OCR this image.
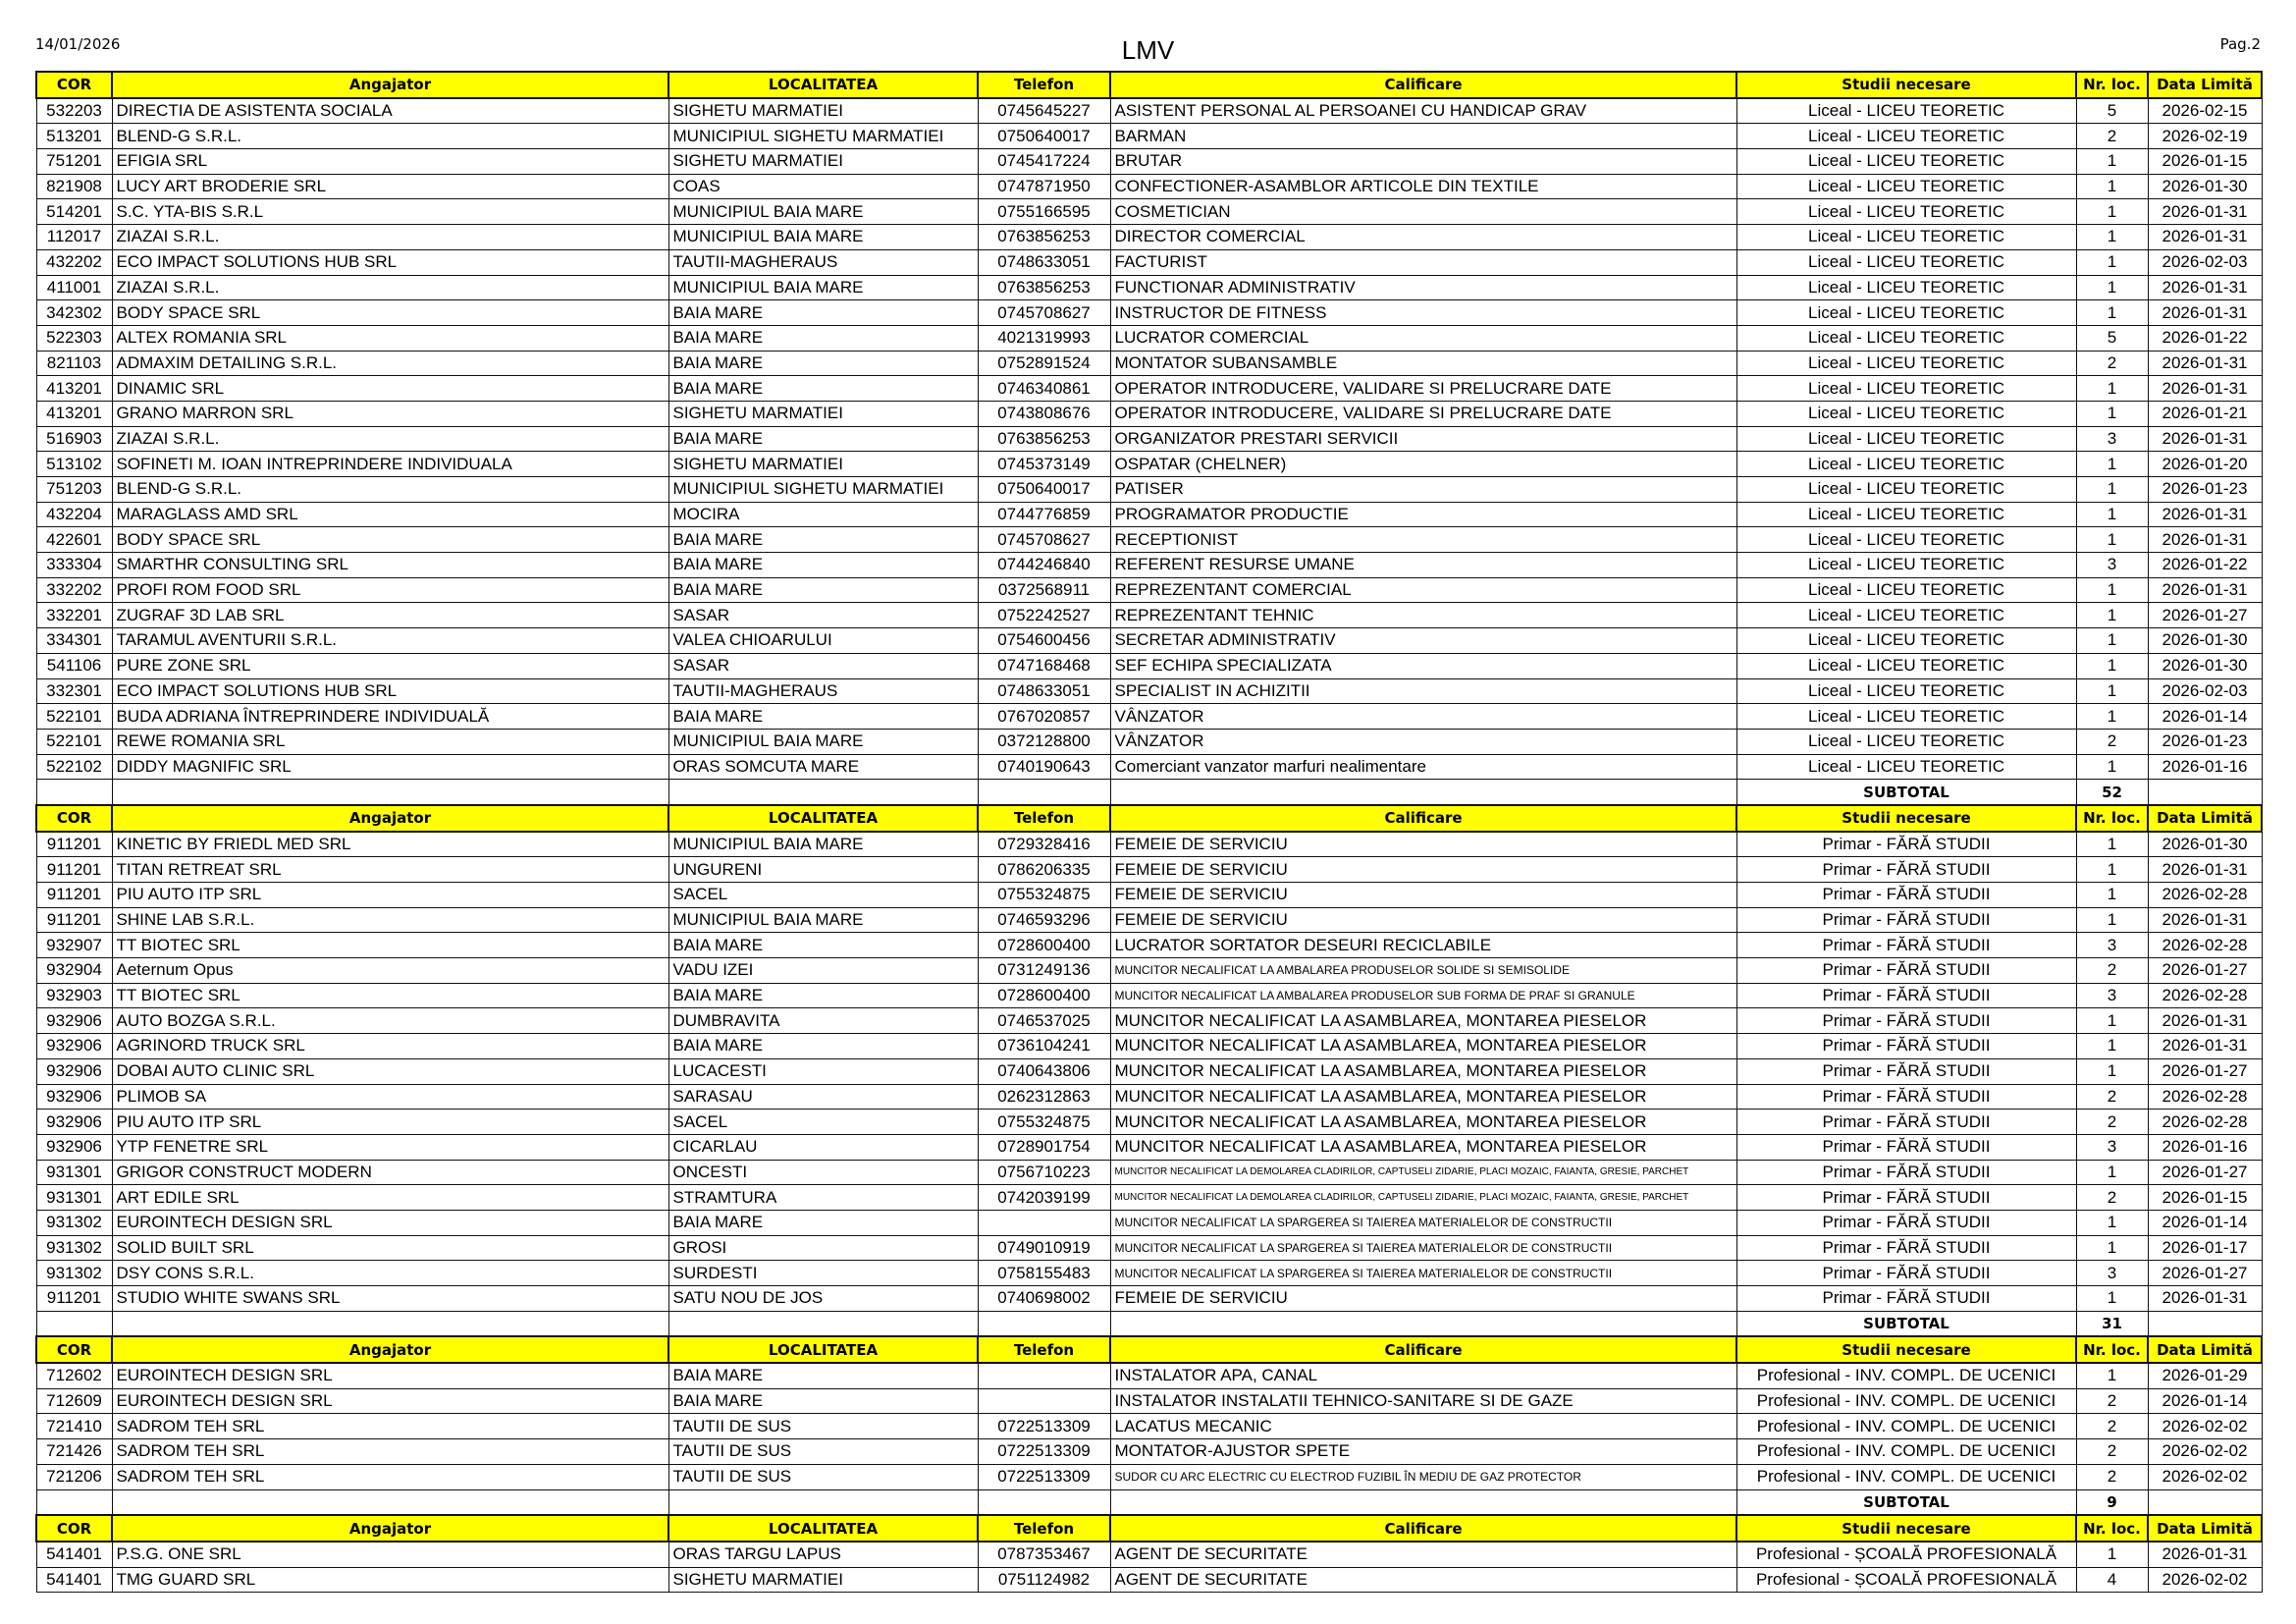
14/01/2026	LMV	Pag.2
COR	Angajator	LOCALITATEA	Telefon	Calificare	Studii necesare	Nr. loc.	Data Limită
532203	DIRECTIA DE ASISTENTA SOCIALA	SIGHETU MARMATIEI	0745645227	ASISTENT PERSONAL AL PERSOANEI CU HANDICAP GRAV	Liceal - LICEU TEORETIC	5	2026-02-15
513201	BLEND-G S.R.L.	MUNICIPIUL SIGHETU MARMATIEI	0750640017	BARMAN	Liceal - LICEU TEORETIC	2	2026-02-19
751201	EFIGIA SRL	SIGHETU MARMATIEI	0745417224	BRUTAR	Liceal - LICEU TEORETIC	1	2026-01-15
821908	LUCY ART BRODERIE SRL	COAS	0747871950	CONFECTIONER-ASAMBLOR ARTICOLE DIN TEXTILE	Liceal - LICEU TEORETIC	1	2026-01-30
514201	S.C. YTA-BIS S.R.L	MUNICIPIUL BAIA MARE	0755166595	COSMETICIAN	Liceal - LICEU TEORETIC	1	2026-01-31
112017	ZIAZAI S.R.L.	MUNICIPIUL BAIA MARE	0763856253	DIRECTOR COMERCIAL	Liceal - LICEU TEORETIC	1	2026-01-31
432202	ECO IMPACT SOLUTIONS HUB SRL	TAUTII-MAGHERAUS	0748633051	FACTURIST	Liceal - LICEU TEORETIC	1	2026-02-03
411001	ZIAZAI S.R.L.	MUNICIPIUL BAIA MARE	0763856253	FUNCTIONAR ADMINISTRATIV	Liceal - LICEU TEORETIC	1	2026-01-31
342302	BODY SPACE SRL	BAIA MARE	0745708627	INSTRUCTOR DE FITNESS	Liceal - LICEU TEORETIC	1	2026-01-31
522303	ALTEX ROMANIA SRL	BAIA MARE	4021319993	LUCRATOR COMERCIAL	Liceal - LICEU TEORETIC	5	2026-01-22
821103	ADMAXIM DETAILING S.R.L.	BAIA MARE	0752891524	MONTATOR SUBANSAMBLE	Liceal - LICEU TEORETIC	2	2026-01-31
413201	DINAMIC SRL	BAIA MARE	0746340861	OPERATOR INTRODUCERE, VALIDARE SI PRELUCRARE DATE	Liceal - LICEU TEORETIC	1	2026-01-31
413201	GRANO MARRON SRL	SIGHETU MARMATIEI	0743808676	OPERATOR INTRODUCERE, VALIDARE SI PRELUCRARE DATE	Liceal - LICEU TEORETIC	1	2026-01-21
516903	ZIAZAI S.R.L.	BAIA MARE	0763856253	ORGANIZATOR PRESTARI SERVICII	Liceal - LICEU TEORETIC	3	2026-01-31
513102	SOFINETI M. IOAN INTREPRINDERE INDIVIDUALA	SIGHETU MARMATIEI	0745373149	OSPATAR (CHELNER)	Liceal - LICEU TEORETIC	1	2026-01-20
751203	BLEND-G S.R.L.	MUNICIPIUL SIGHETU MARMATIEI	0750640017	PATISER	Liceal - LICEU TEORETIC	1	2026-01-23
432204	MARAGLASS AMD SRL	MOCIRA	0744776859	PROGRAMATOR PRODUCTIE	Liceal - LICEU TEORETIC	1	2026-01-31
422601	BODY SPACE SRL	BAIA MARE	0745708627	RECEPTIONIST	Liceal - LICEU TEORETIC	1	2026-01-31
333304	SMARTHR CONSULTING SRL	BAIA MARE	0744246840	REFERENT RESURSE UMANE	Liceal - LICEU TEORETIC	3	2026-01-22
332202	PROFI ROM FOOD SRL	BAIA MARE	0372568911	REPREZENTANT COMERCIAL	Liceal - LICEU TEORETIC	1	2026-01-31
332201	ZUGRAF 3D LAB SRL	SASAR	0752242527	REPREZENTANT TEHNIC	Liceal - LICEU TEORETIC	1	2026-01-27
334301	TARAMUL AVENTURII S.R.L.	VALEA CHIOARULUI	0754600456	SECRETAR ADMINISTRATIV	Liceal - LICEU TEORETIC	1	2026-01-30
541106	PURE ZONE SRL	SASAR	0747168468	SEF ECHIPA SPECIALIZATA	Liceal - LICEU TEORETIC	1	2026-01-30
332301	ECO IMPACT SOLUTIONS HUB SRL	TAUTII-MAGHERAUS	0748633051	SPECIALIST IN ACHIZITII	Liceal - LICEU TEORETIC	1	2026-02-03
522101	BUDA ADRIANA ÎNTREPRINDERE INDIVIDUALĂ	BAIA MARE	0767020857	VÂNZATOR	Liceal - LICEU TEORETIC	1	2026-01-14
522101	REWE ROMANIA SRL	MUNICIPIUL BAIA MARE	0372128800	VÂNZATOR	Liceal - LICEU TEORETIC	2	2026-01-23
522102	DIDDY MAGNIFIC SRL	ORAS SOMCUTA MARE	0740190643	Comerciant vanzator marfuri nealimentare	Liceal - LICEU TEORETIC	1	2026-01-16
					SUBTOTAL	52	
COR	Angajator	LOCALITATEA	Telefon	Calificare	Studii necesare	Nr. loc.	Data Limită
911201	KINETIC BY FRIEDL MED SRL	MUNICIPIUL BAIA MARE	0729328416	FEMEIE DE SERVICIU	Primar - FĂRĂ STUDII	1	2026-01-30
911201	TITAN RETREAT SRL	UNGURENI	0786206335	FEMEIE DE SERVICIU	Primar - FĂRĂ STUDII	1	2026-01-31
911201	PIU AUTO ITP SRL	SACEL	0755324875	FEMEIE DE SERVICIU	Primar - FĂRĂ STUDII	1	2026-02-28
911201	SHINE LAB S.R.L.	MUNICIPIUL BAIA MARE	0746593296	FEMEIE DE SERVICIU	Primar - FĂRĂ STUDII	1	2026-01-31
932907	TT BIOTEC SRL	BAIA MARE	0728600400	LUCRATOR SORTATOR DESEURI RECICLABILE	Primar - FĂRĂ STUDII	3	2026-02-28
932904	Aeternum Opus	VADU IZEI	0731249136	MUNCITOR NECALIFICAT LA AMBALAREA PRODUSELOR SOLIDE SI SEMISOLIDE	Primar - FĂRĂ STUDII	2	2026-01-27
932903	TT BIOTEC SRL	BAIA MARE	0728600400	MUNCITOR NECALIFICAT LA AMBALAREA PRODUSELOR SUB FORMA DE PRAF SI GRANULE	Primar - FĂRĂ STUDII	3	2026-02-28
932906	AUTO BOZGA S.R.L.	DUMBRAVITA	0746537025	MUNCITOR NECALIFICAT LA ASAMBLAREA, MONTAREA PIESELOR	Primar - FĂRĂ STUDII	1	2026-01-31
932906	AGRINORD TRUCK SRL	BAIA MARE	0736104241	MUNCITOR NECALIFICAT LA ASAMBLAREA, MONTAREA PIESELOR	Primar - FĂRĂ STUDII	1	2026-01-31
932906	DOBAI AUTO CLINIC SRL	LUCACESTI	0740643806	MUNCITOR NECALIFICAT LA ASAMBLAREA, MONTAREA PIESELOR	Primar - FĂRĂ STUDII	1	2026-01-27
932906	PLIMOB SA	SARASAU	0262312863	MUNCITOR NECALIFICAT LA ASAMBLAREA, MONTAREA PIESELOR	Primar - FĂRĂ STUDII	2	2026-02-28
932906	PIU AUTO ITP SRL	SACEL	0755324875	MUNCITOR NECALIFICAT LA ASAMBLAREA, MONTAREA PIESELOR	Primar - FĂRĂ STUDII	2	2026-02-28
932906	YTP FENETRE SRL	CICARLAU	0728901754	MUNCITOR NECALIFICAT LA ASAMBLAREA, MONTAREA PIESELOR	Primar - FĂRĂ STUDII	3	2026-01-16
931301	GRIGOR CONSTRUCT MODERN	ONCESTI	0756710223	MUNCITOR NECALIFICAT LA DEMOLAREA CLADIRILOR, CAPTUSELI ZIDARIE, PLACI MOZAIC, FAIANTA, GRESIE, PARCHET	Primar - FĂRĂ STUDII	1	2026-01-27
931301	ART EDILE SRL	STRAMTURA	0742039199	MUNCITOR NECALIFICAT LA DEMOLAREA CLADIRILOR, CAPTUSELI ZIDARIE, PLACI MOZAIC, FAIANTA, GRESIE, PARCHET	Primar - FĂRĂ STUDII	2	2026-01-15
931302	EUROINTECH DESIGN SRL	BAIA MARE		MUNCITOR NECALIFICAT LA SPARGEREA SI TAIEREA MATERIALELOR DE CONSTRUCTII	Primar - FĂRĂ STUDII	1	2026-01-14
931302	SOLID BUILT SRL	GROSI	0749010919	MUNCITOR NECALIFICAT LA SPARGEREA SI TAIEREA MATERIALELOR DE CONSTRUCTII	Primar - FĂRĂ STUDII	1	2026-01-17
931302	DSY CONS S.R.L.	SURDESTI	0758155483	MUNCITOR NECALIFICAT LA SPARGEREA SI TAIEREA MATERIALELOR DE CONSTRUCTII	Primar - FĂRĂ STUDII	3	2026-01-27
911201	STUDIO WHITE SWANS SRL	SATU NOU DE JOS	0740698002	FEMEIE DE SERVICIU	Primar - FĂRĂ STUDII	1	2026-01-31
					SUBTOTAL	31	
COR	Angajator	LOCALITATEA	Telefon	Calificare	Studii necesare	Nr. loc.	Data Limită
712602	EUROINTECH DESIGN SRL	BAIA MARE		INSTALATOR APA, CANAL	Profesional - INV. COMPL. DE UCENICI	1	2026-01-29
712609	EUROINTECH DESIGN SRL	BAIA MARE		INSTALATOR INSTALATII TEHNICO-SANITARE SI DE GAZE	Profesional - INV. COMPL. DE UCENICI	2	2026-01-14
721410	SADROM TEH SRL	TAUTII DE SUS	0722513309	LACATUS MECANIC	Profesional - INV. COMPL. DE UCENICI	2	2026-02-02
721426	SADROM TEH SRL	TAUTII DE SUS	0722513309	MONTATOR-AJUSTOR SPETE	Profesional - INV. COMPL. DE UCENICI	2	2026-02-02
721206	SADROM TEH SRL	TAUTII DE SUS	0722513309	SUDOR CU ARC ELECTRIC CU ELECTROD FUZIBIL ÎN MEDIU DE GAZ PROTECTOR	Profesional - INV. COMPL. DE UCENICI	2	2026-02-02
					SUBTOTAL	9	
COR	Angajator	LOCALITATEA	Telefon	Calificare	Studii necesare	Nr. loc.	Data Limită
541401	P.S.G. ONE SRL	ORAS TARGU LAPUS	0787353467	AGENT DE SECURITATE	Profesional - ȘCOALĂ PROFESIONALĂ	1	2026-01-31
541401	TMG GUARD SRL	SIGHETU MARMATIEI	0751124982	AGENT DE SECURITATE	Profesional - ȘCOALĂ PROFESIONALĂ	4	2026-02-02
